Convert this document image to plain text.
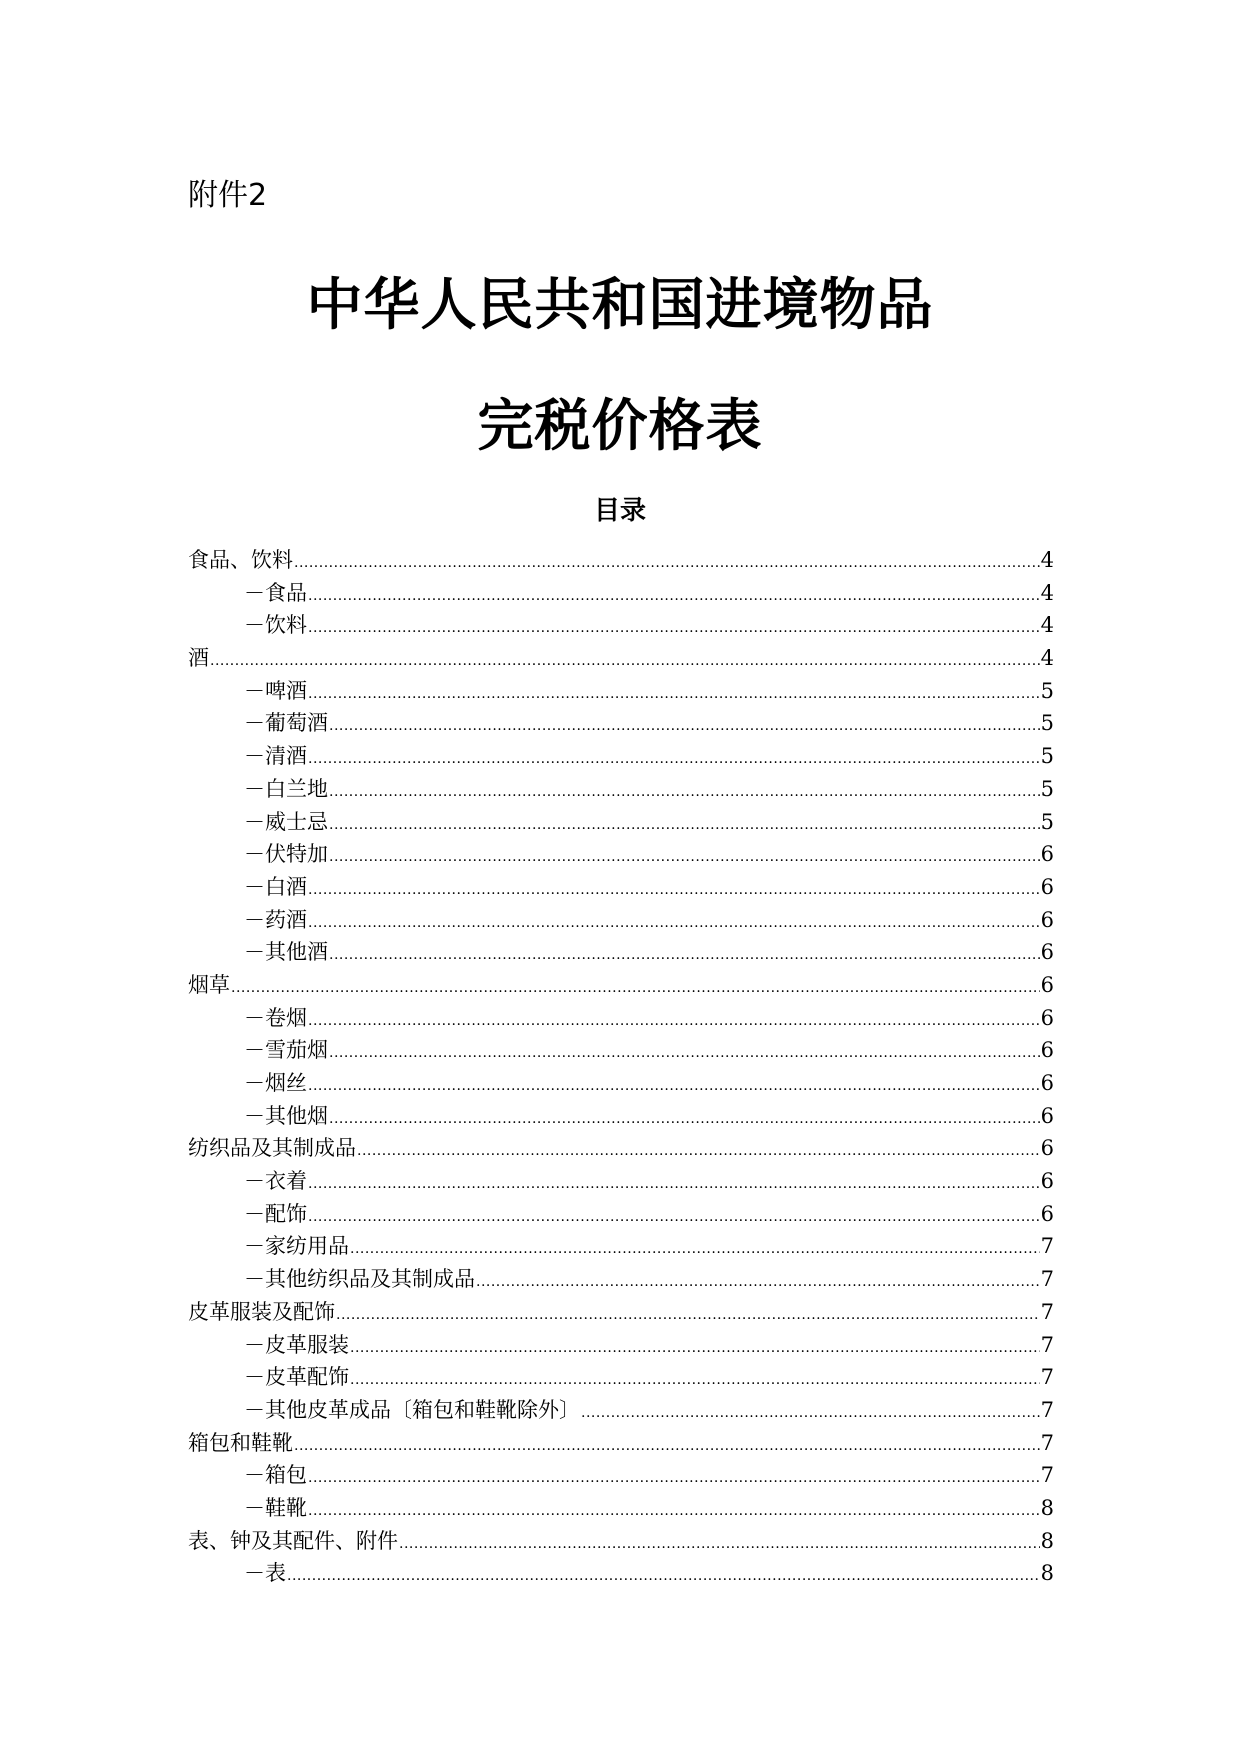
附件2
中华人民共和国进境物品
完税价格表
目录
食品、饮料 .....	4
－食品 .....	4
－饮料 .....	4
酒 .....	4
－啤酒 .....	5
－葡萄酒 .....	5
－清酒 .....	5
－白兰地 .....	5
－威士忌 .....	5
－伏特加 .....	6
－白酒 .....	6
－药酒 .....	6
－其他酒 .....	6
烟草 .....	6
－卷烟 .....	6
－雪茄烟 .....	6
－烟丝 .....	6
－其他烟 .....	6
纺织品及其制成品 .....	6
－衣着 .....	6
－配饰 .....	6
－家纺用品 .....	7
－其他纺织品及其制成品 .....	7
皮革服装及配饰 .....	7
－皮革服装 .....	7
－皮革配饰 .....	7
－其他皮革成品〔箱包和鞋靴除外〕 .....	7
箱包和鞋靴 .....	7
－箱包 .....	7
－鞋靴 .....	8
表、钟及其配件、附件 .....	8
－表 .....	8
